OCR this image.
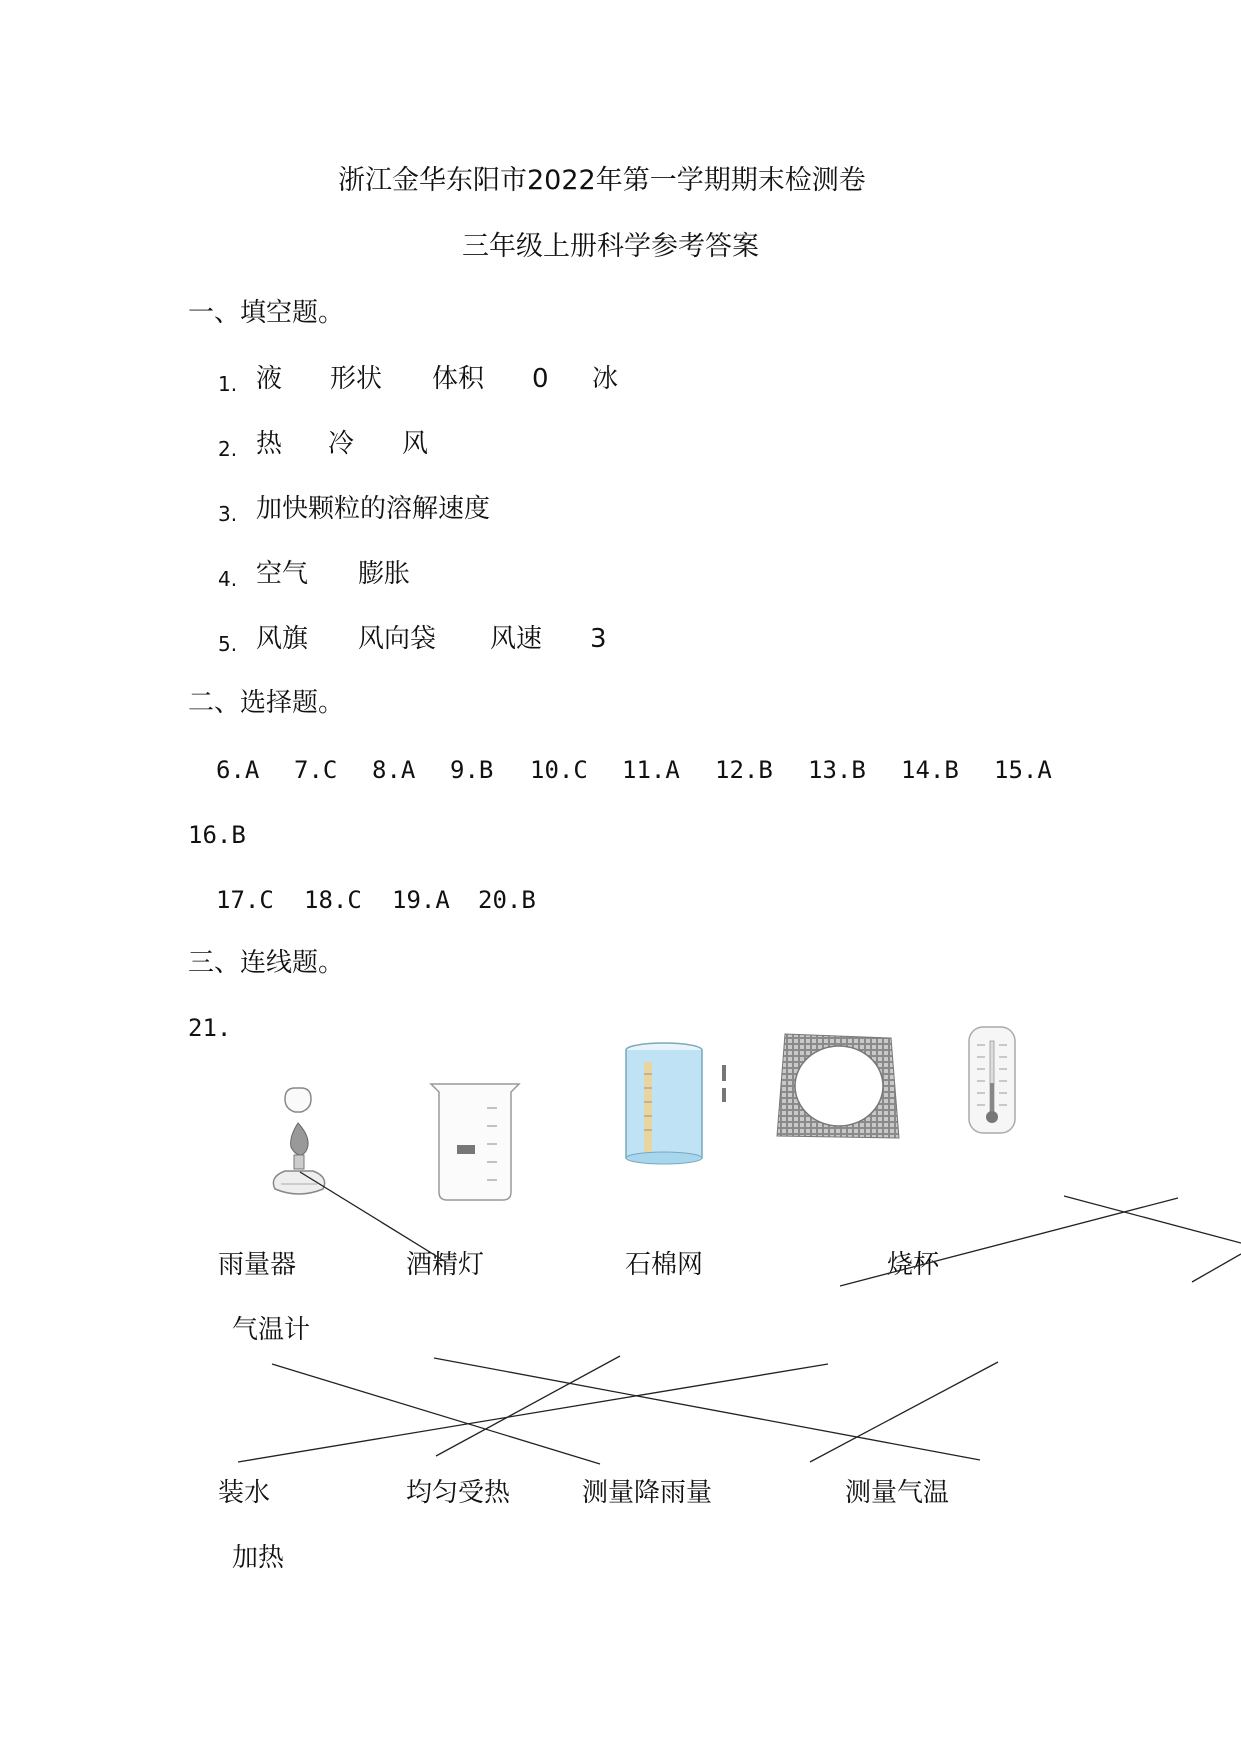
浙江金华东阳市2022年第一学期期末检测卷
三年级上册科学参考答案
一、填空题。
1. 液 形状 体积 0 冰
2. 热 冷 风
3. 加快颗粒的溶解速度
4. 空气 膨胀
5. 风旗 风向袋 风速 3
二、选择题。
6.A 7.C 8.A 9.B 10.C 11.A 12.B 13.B 14.B 15.A
16.B
17.C 18.C 19.A 20.B
三、连线题。
21.
雨量器	酒精灯	石棉网	烧杯
气温计
装水	均匀受热	测量降雨量	测量气温
加热
